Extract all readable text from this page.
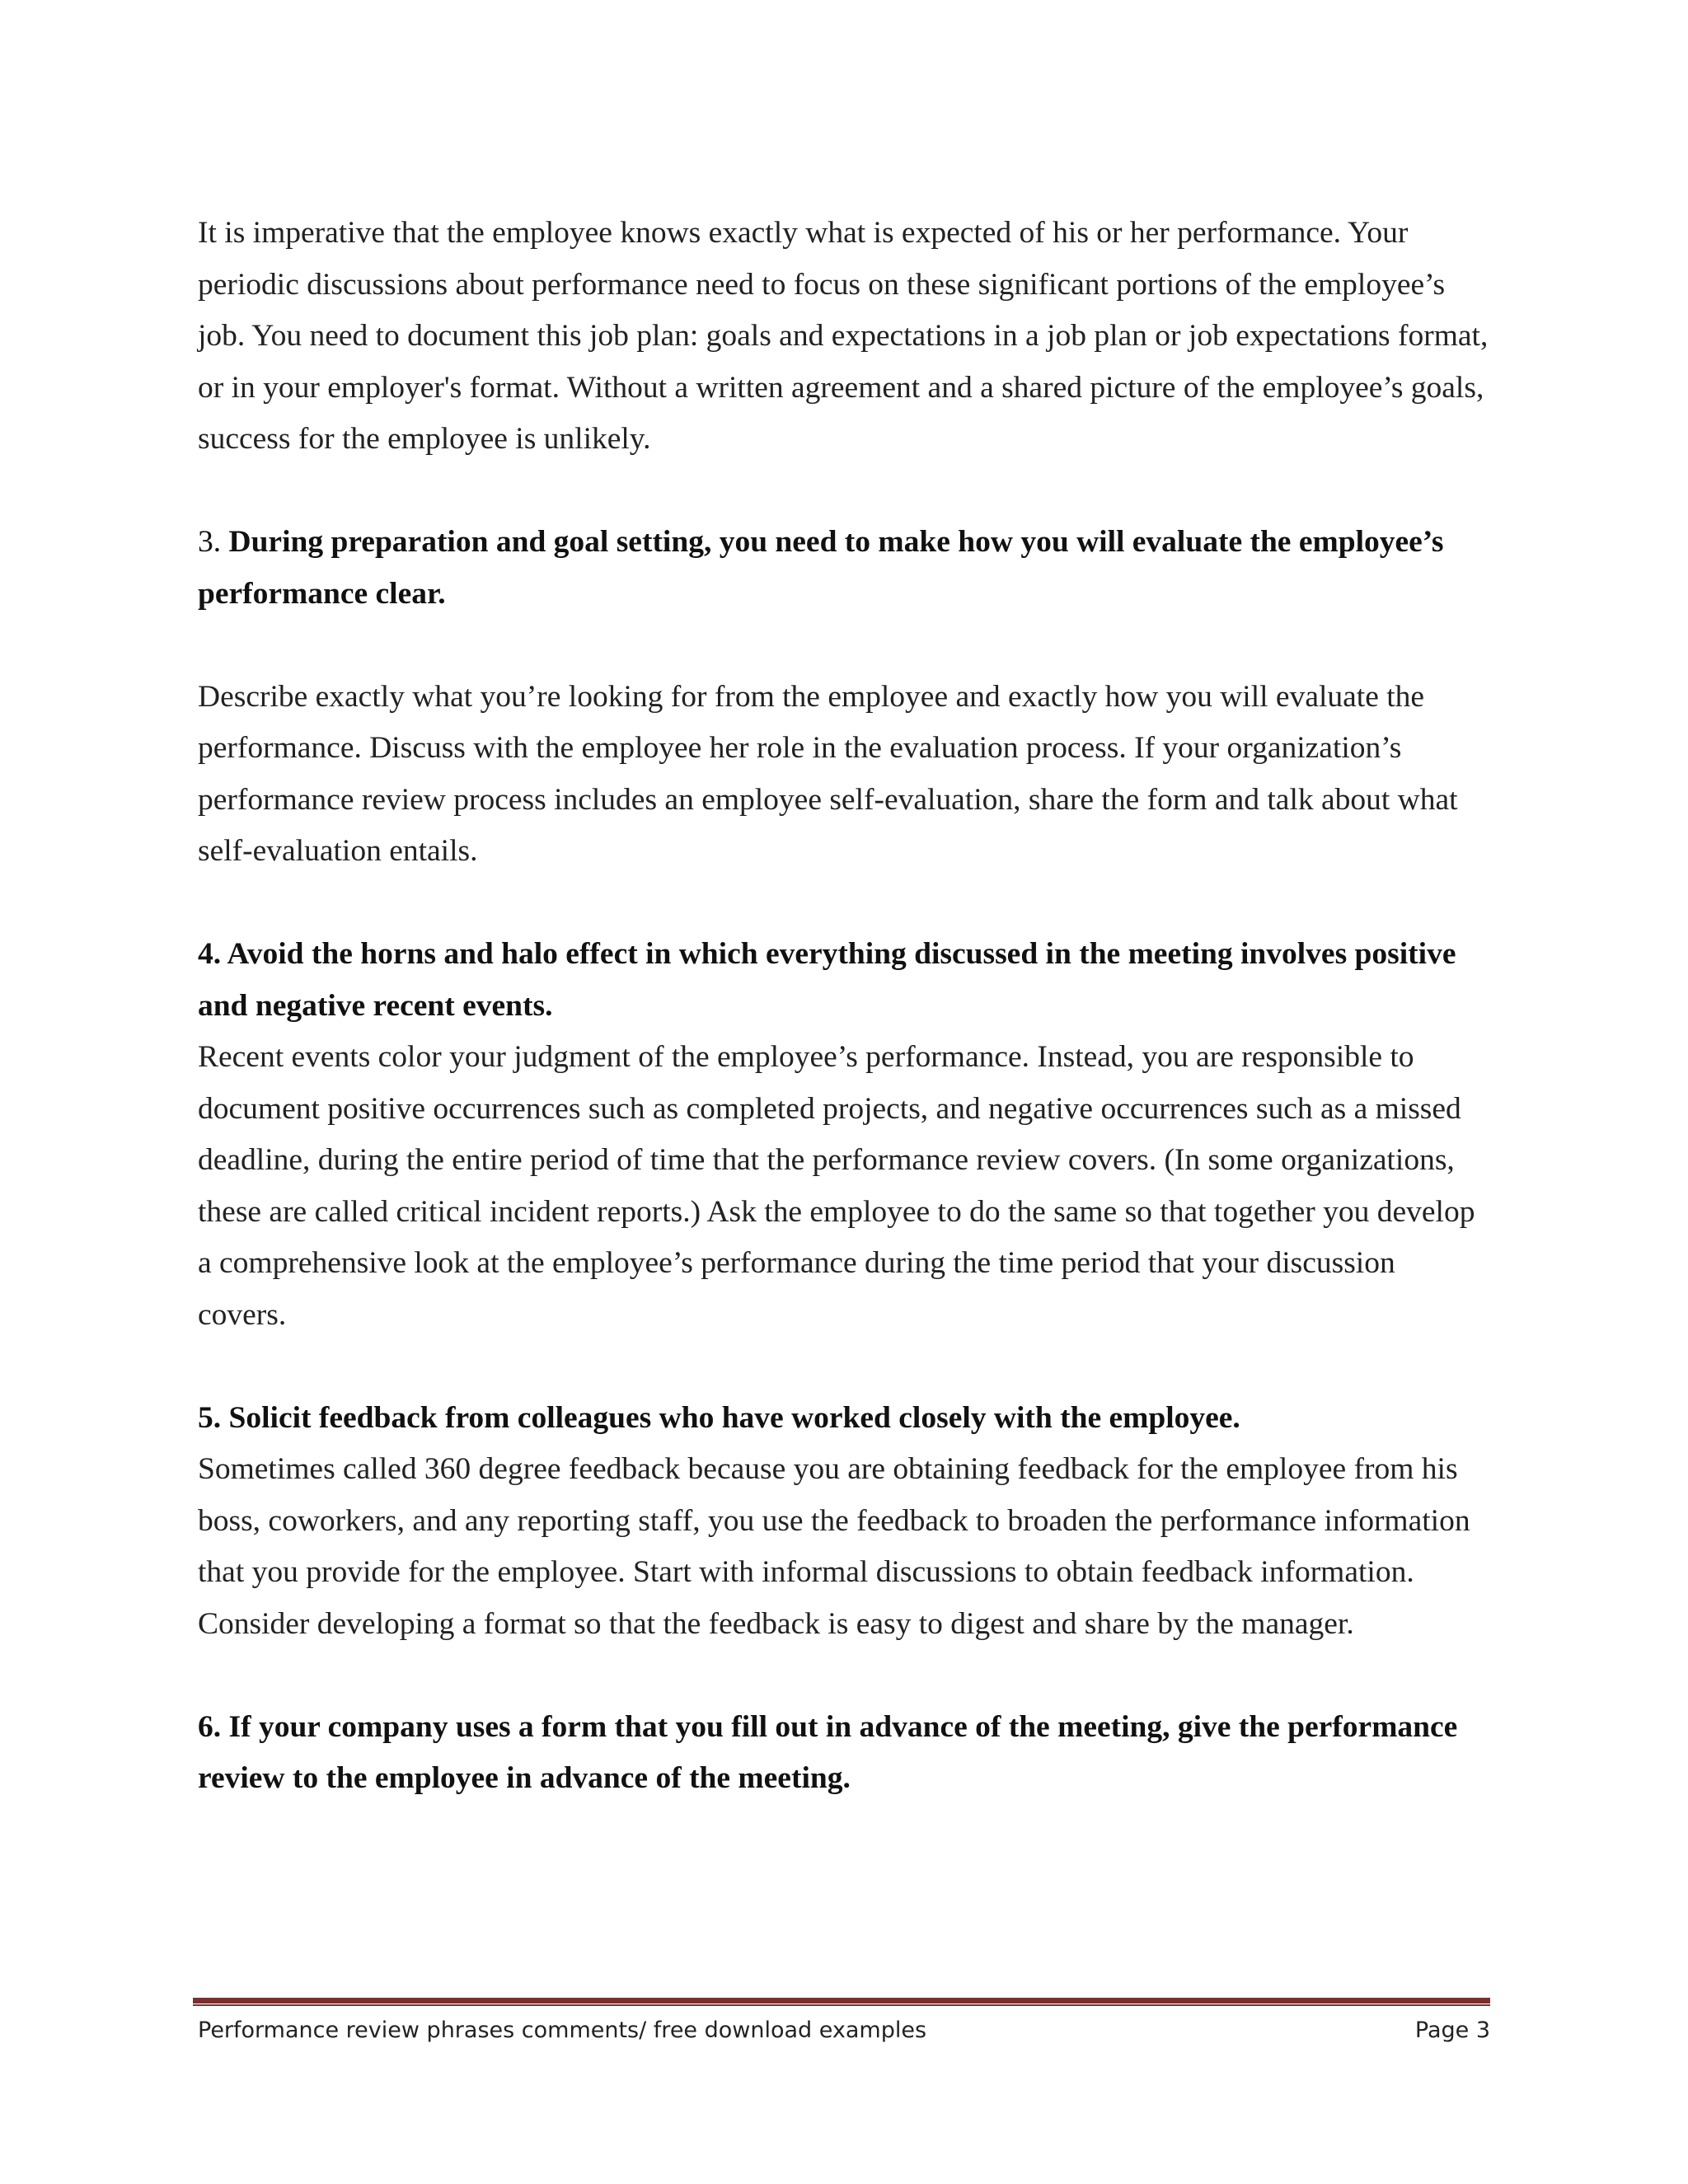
It is imperative that the employee knows exactly what is expected of his or her performance. Your periodic discussions about performance need to focus on these significant portions of the employee’s job. You need to document this job plan: goals and expectations in a job plan or job expectations format, or in your employer's format. Without a written agreement and a shared picture of the employee’s goals, success for the employee is unlikely.

3. During preparation and goal setting, you need to make how you will evaluate the employee’s performance clear.

Describe exactly what you’re looking for from the employee and exactly how you will evaluate the performance. Discuss with the employee her role in the evaluation process. If your organization’s performance review process includes an employee self-evaluation, share the form and talk about what self-evaluation entails.

4. Avoid the horns and halo effect in which everything discussed in the meeting involves positive and negative recent events.

Recent events color your judgment of the employee’s performance. Instead, you are responsible to document positive occurrences such as completed projects, and negative occurrences such as a missed deadline, during the entire period of time that the performance review covers. (In some organizations, these are called critical incident reports.) Ask the employee to do the same so that together you develop a comprehensive look at the employee’s performance during the time period that your discussion covers.

5. Solicit feedback from colleagues who have worked closely with the employee.

Sometimes called 360 degree feedback because you are obtaining feedback for the employee from his boss, coworkers, and any reporting staff, you use the feedback to broaden the performance information that you provide for the employee. Start with informal discussions to obtain feedback information. Consider developing a format so that the feedback is easy to digest and share by the manager.

6. If your company uses a form that you fill out in advance of the meeting, give the performance review to the employee in advance of the meeting.

Performance review phrases comments/ free download examples	Page 3
